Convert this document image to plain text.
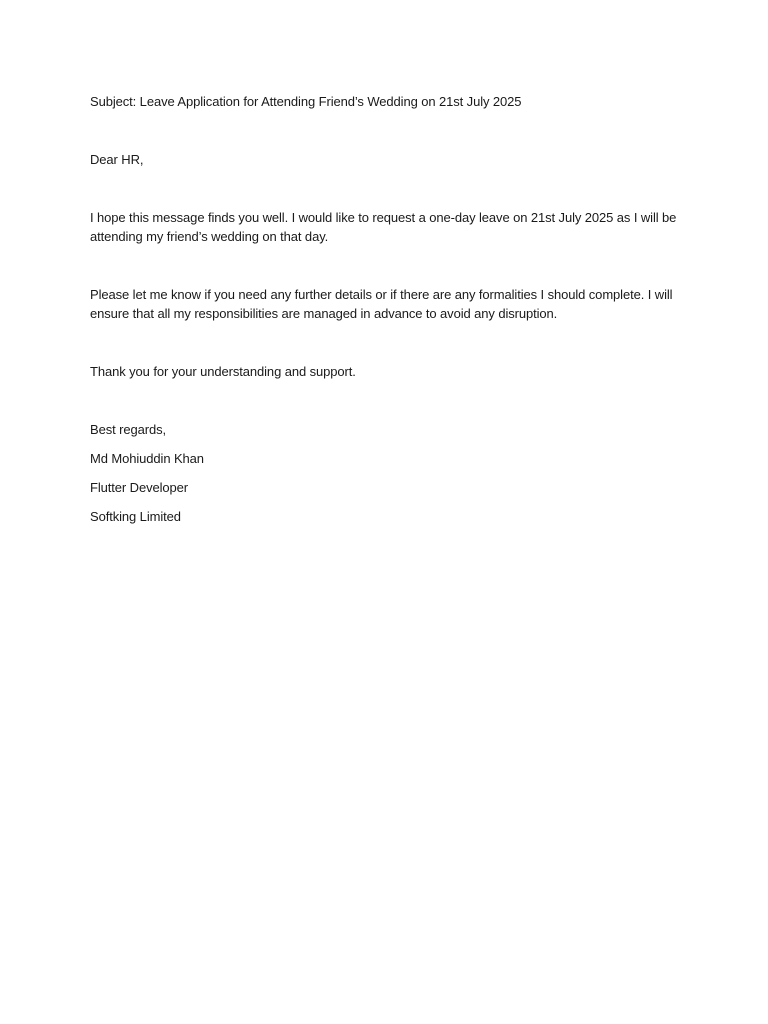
Subject: Leave Application for Attending Friend’s Wedding on 21st July 2025

Dear HR,

I hope this message finds you well. I would like to request a one-day leave on 21st July 2025 as I will be attending my friend’s wedding on that day.

Please let me know if you need any further details or if there are any formalities I should complete. I will ensure that all my responsibilities are managed in advance to avoid any disruption.

Thank you for your understanding and support.

Best regards,

Md Mohiuddin Khan

Flutter Developer

Softking Limited
